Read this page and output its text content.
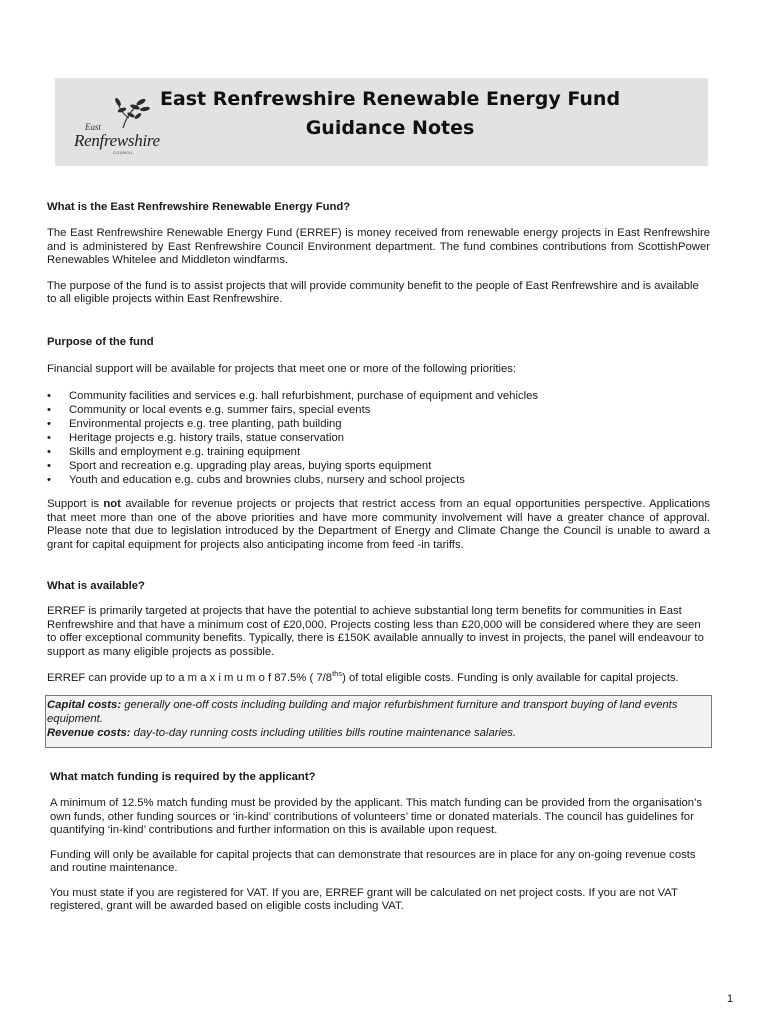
East
Renfrewshire
COUNCIL
East Renfrewshire Renewable Energy Fund
Guidance Notes

What is the East Renfrewshire Renewable Energy Fund?

The East Renfrewshire Renewable Energy Fund (ERREF) is money received from renewable energy projects in East Renfrewshire and is administered by East Renfrewshire Council Environment department. The fund combines contributions from ScottishPower Renewables Whitelee and Middleton windfarms.

The purpose of the fund is to assist projects that will provide community benefit to the people of East Renfrewshire and is available to all eligible projects within East Renfrewshire.

Purpose of the fund

Financial support will be available for projects that meet one or more of the following priorities:

• Community facilities and services e.g. hall refurbishment, purchase of equipment and vehicles
• Community or local events e.g. summer fairs, special events
• Environmental projects e.g. tree planting, path building
• Heritage projects e.g. history trails, statue conservation
• Skills and employment e.g. training equipment
• Sport and recreation e.g. upgrading play areas, buying sports equipment
• Youth and education e.g. cubs and brownies clubs, nursery and school projects

Support is not available for revenue projects or projects that restrict access from an equal opportunities perspective. Applications that meet more than one of the above priorities and have more community involvement will have a greater chance of approval. Please note that due to legislation introduced by the Department of Energy and Climate Change the Council is unable to award a grant for capital equipment for projects also anticipating income from feed -in tariffs.

What is available?

ERREF is primarily targeted at projects that have the potential to achieve substantial long term benefits for communities in East Renfrewshire and that have a minimum cost of £20,000. Projects costing less than £20,000 will be considered where they are seen to offer exceptional community benefits. Typically, there is £150K available annually to invest in projects, the panel will endeavour to support as many eligible projects as possible.

ERREF can provide up to a m a x i m u m o f 87.5% ( $7/8^{ths}$) of total eligible costs. Funding is only available for capital projects.

Capital costs: generally one-off costs including building and major refurbishment furniture and transport buying of land events equipment.

Revenue costs: day-to-day running costs including utilities bills routine maintenance salaries.

What match funding is required by the applicant?

A minimum of 12.5% match funding must be provided by the applicant. This match funding can be provided from the organisation’s own funds, other funding sources or ‘in-kind’ contributions of volunteers’ time or donated materials. The council has guidelines for quantifying ‘in-kind’ contributions and further information on this is available upon request.

Funding will only be available for capital projects that can demonstrate that resources are in place for any on-going revenue costs and routine maintenance.

You must state if you are registered for VAT. If you are, ERREF grant will be calculated on net project costs. If you are not VAT registered, grant will be awarded based on eligible costs including VAT.

1
